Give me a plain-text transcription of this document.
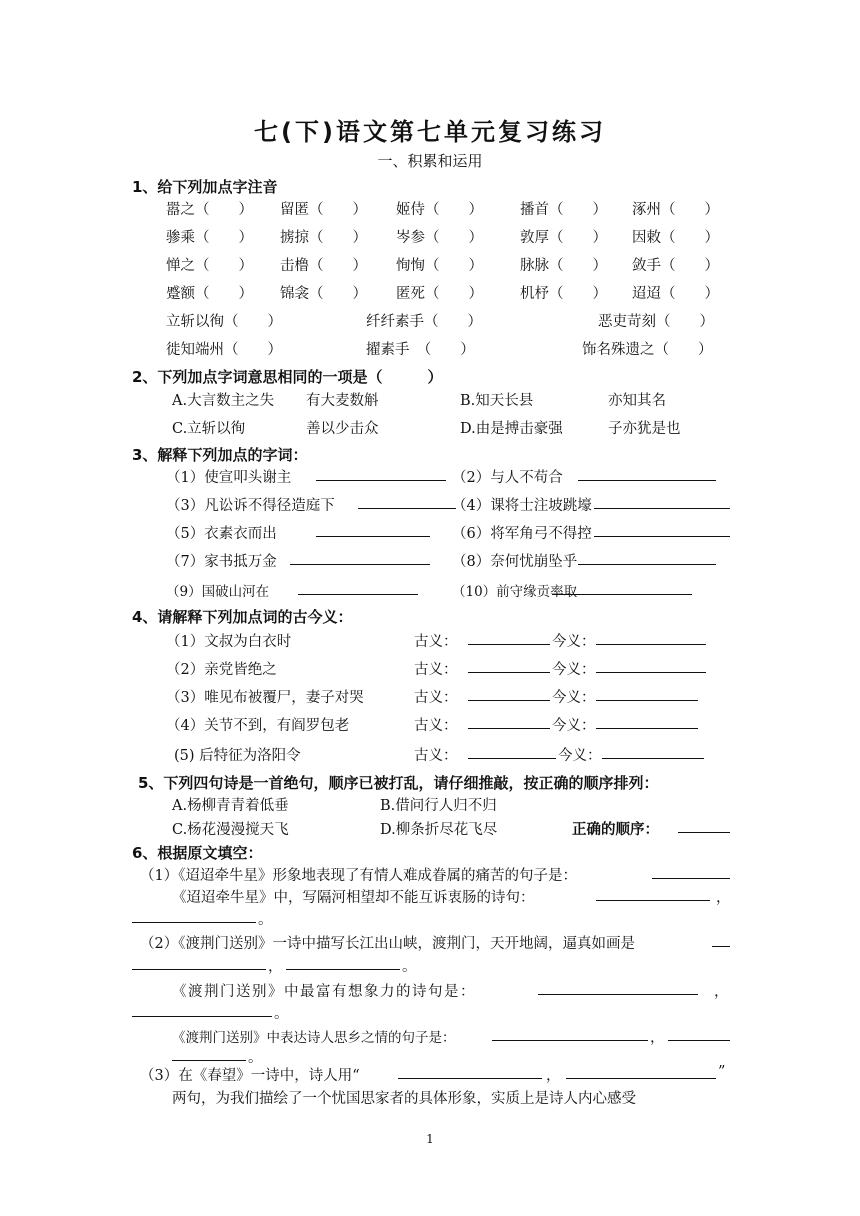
七(下)语文第七单元复习练习
一、积累和运用
1、给下列加点字注音
嚣之（　　） 留匿（　　） 姬侍（　　）	播首（　　） 涿州（　　）
骖乘（　　） 掳掠（　　） 岑参（　　）	敦厚（　　） 因敕（　　）
惮之（　　） 击橹（　　） 恂恂（　　）	脉脉（　　） 敛手（　　）
蹙额（　　） 锦衾（　　） 匿死（　　）	机杼（　　） 迢迢（　　）
立斩以徇（　　）	纤纤素手（　　）	恶吏苛刻（　　）
徙知端州（　　）	擢素手　（　　）	饰名殊遗之（　　）
2、下列加点字词意思相同的一项是（　　　）
A.大言数主之失 有大麦数斛	B.知天长县	亦知其名
C.立斩以徇	善以少击众	D.由是搏击豪强	子亦犹是也
3、解释下列加点的字词：
（1）使宣叩头谢主	（2）与人不苟合
（3）凡讼诉不得径造庭下	（4）课将士注坡跳壕
（5）衣素衣而出	（6）将军角弓不得控
（7）家书抵万金	（8）奈何忧崩坠乎
（9）国破山河在	（10）前守缘贡率取
4、请解释下列加点词的古今义：
（1）文叔为白衣时	古义：	今义：
（2）亲党皆绝之	古义：	今义：
（3）唯见布被覆尸，妻子对哭	古义：	今义：
（4）关节不到，有阎罗包老	古义：	今义：
(5) 后特征为洛阳令	古义：	今义：
5、下列四句诗是一首绝句，顺序已被打乱，请仔细推敲，按正确的顺序排列：
A.杨柳青青着低垂	B.借问行人归不归
C.杨花漫漫搅天飞	D.柳条折尽花飞尽	正确的顺序：
6、根据原文填空：
（1）《迢迢牵牛星》形象地表现了有情人难成眷属的痛苦的句子是：
《迢迢牵牛星》中，写隔河相望却不能互诉衷肠的诗句：	，
。
（2）《渡荆门送别》一诗中描写长江出山峡，渡荆门，天开地阔，逼真如画是
，	。
《渡荆门送别》中最富有想象力的诗句是：	，
。
《渡荆门送别》中表达诗人思乡之情的句子是：	，
。
（3）在《春望》一诗中，诗人用“	，	”
两句，为我们描绘了一个忧国思家者的具体形象，实质上是诗人内心感受
1
